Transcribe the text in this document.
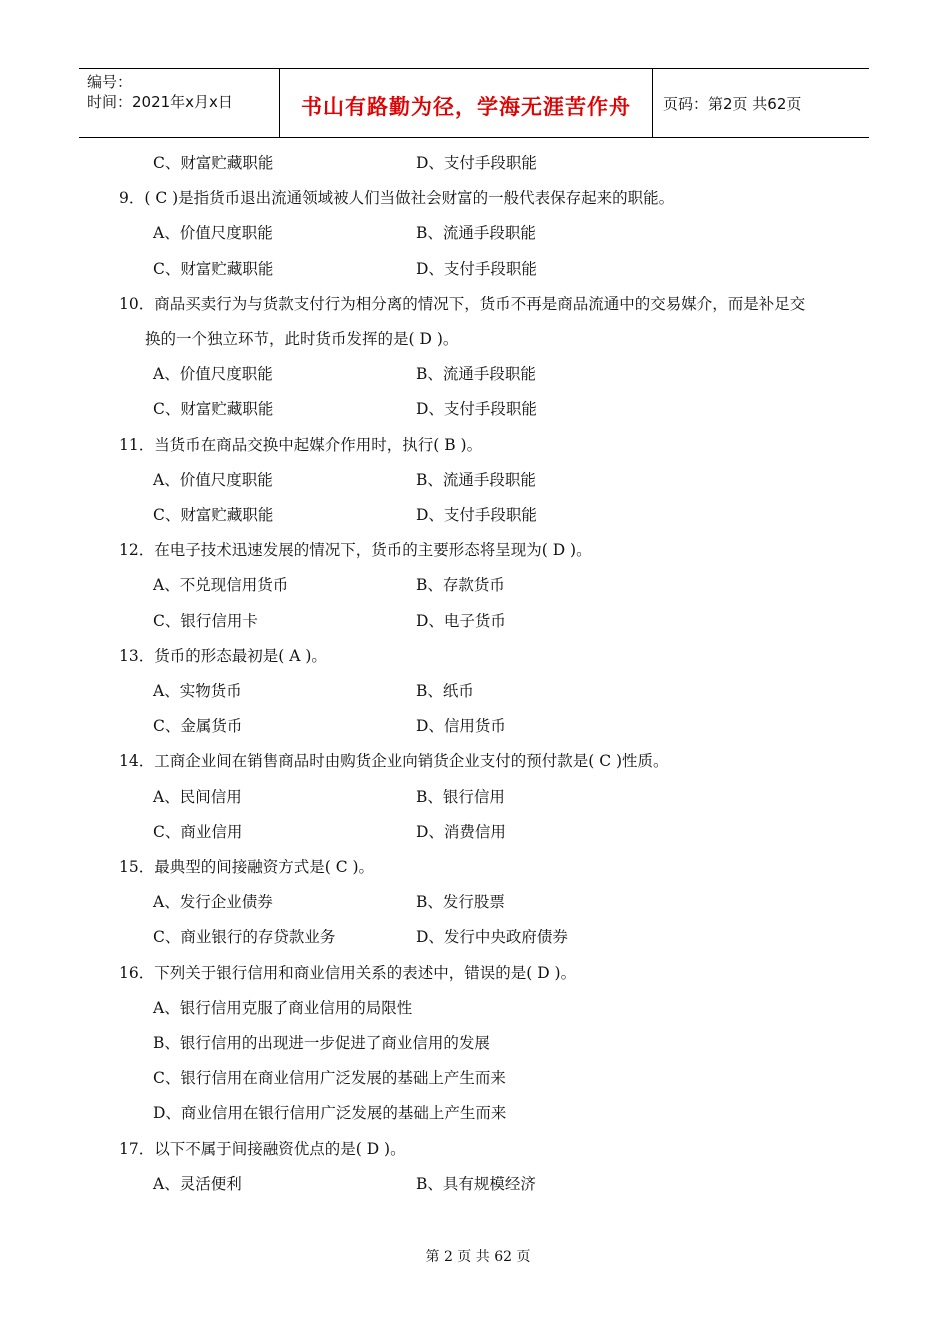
编号：
时间：2021年x月x日	书山有路勤为径，学海无涯苦作舟	页码：第2页 共62页
C、财富贮藏职能	D、支付手段职能
9．( C )是指货币退出流通领域被人们当做社会财富的一般代表保存起来的职能。
A、价值尺度职能	B、流通手段职能
C、财富贮藏职能	D、支付手段职能
10．商品买卖行为与货款支付行为相分离的情况下，货币不再是商品流通中的交易媒介，而是补足交
换的一个独立环节，此时货币发挥的是( D )。
A、价值尺度职能	B、流通手段职能
C、财富贮藏职能	D、支付手段职能
11．当货币在商品交换中起媒介作用时，执行( B )。
A、价值尺度职能	B、流通手段职能
C、财富贮藏职能	D、支付手段职能
12．在电子技术迅速发展的情况下，货币的主要形态将呈现为( D )。
A、不兑现信用货币	B、存款货币
C、银行信用卡	D、电子货币
13．货币的形态最初是( A )。
A、实物货币	B、纸币
C、金属货币	D、信用货币
14．工商企业间在销售商品时由购货企业向销货企业支付的预付款是( C )性质。
A、民间信用	B、银行信用
C、商业信用	D、消费信用
15．最典型的间接融资方式是( C )。
A、发行企业债券	B、发行股票
C、商业银行的存贷款业务	D、发行中央政府债券
16．下列关于银行信用和商业信用关系的表述中，错误的是( D )。
A、银行信用克服了商业信用的局限性
B、银行信用的出现进一步促进了商业信用的发展
C、银行信用在商业信用广泛发展的基础上产生而来
D、商业信用在银行信用广泛发展的基础上产生而来
17．以下不属于间接融资优点的是( D )。
A、灵活便利	B、具有规模经济
第 2 页 共 62 页
